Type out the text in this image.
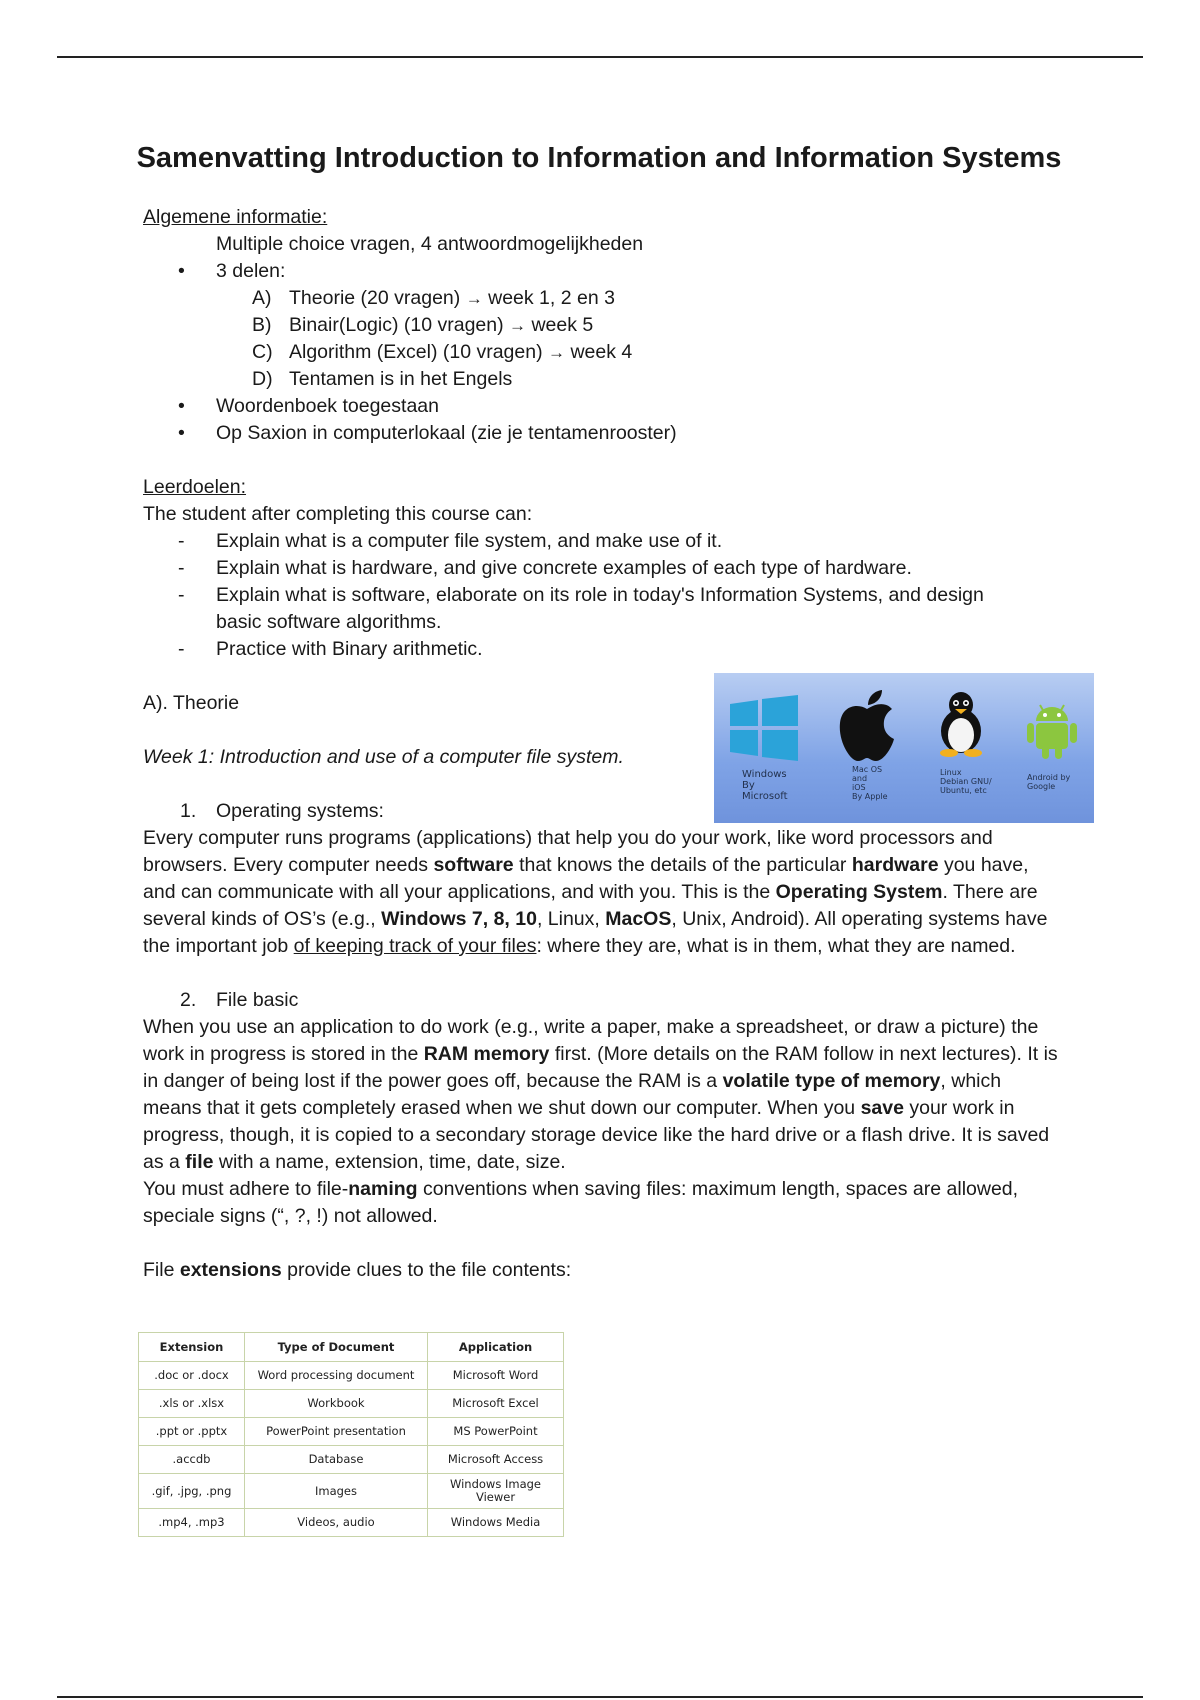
Samenvatting Introduction to Information and Information Systems
Algemene informatie:
Multiple choice vragen, 4 antwoordmogelijkheden
• 3 delen:
A) Theorie (20 vragen) → week 1, 2 en 3
B) Binair(Logic) (10 vragen) → week 5
C) Algorithm (Excel) (10 vragen) → week 4
D) Tentamen is in het Engels
• Woordenboek toegestaan
• Op Saxion in computerlokaal (zie je tentamenrooster)
Leerdoelen:
The student after completing this course can:
- Explain what is a computer file system, and make use of it.
- Explain what is hardware, and give concrete examples of each type of hardware.
- Explain what is software, elaborate on its role in today's Information Systems, and design
basic software algorithms.
- Practice with Binary arithmetic.
A). Theorie
Week 1: Introduction and use of a computer file system.
1. Operating systems:

Every computer runs programs (applications) that help you do your work, like word processors and browsers. Every computer needs software that knows the details of the particular hardware you have, and can communicate with all your applications, and with you. This is the Operating System. There are several kinds of OS’s (e.g., Windows 7, 8, 10, Linux, MacOS, Unix, Android). All operating systems have the important job of keeping track of your files: where they are, what is in them, what they are named.

2. File basic

When you use an application to do work (e.g., write a paper, make a spreadsheet, or draw a picture) the work in progress is stored in the RAM memory first. (More details on the RAM follow in next lectures). It is in danger of being lost if the power goes off, because the RAM is a volatile type of memory, which means that it gets completely erased when we shut down our computer. When you save your work in progress, though, it is copied to a secondary storage device like the hard drive or a flash drive. It is saved as a file with a name, extension, time, date, size.

You must adhere to file-naming conventions when saving files: maximum length, spaces are allowed, speciale signs (“, ?, !) not allowed.

File extensions provide clues to the file contents:
Windows
By
Microsoft
Mac OS
and
iOS
By Apple
Linux
Debian GNU/
Ubuntu, etc
Android by
Google
Extension	Type of Document	Application
.doc or .docx	Word processing document	Microsoft Word
.xls or .xlsx	Workbook	Microsoft Excel
.ppt or .pptx	PowerPoint presentation	MS PowerPoint
.accdb	Database	Microsoft Access
.gif, .jpg, .png	Images	Windows Image Viewer
.mp4, .mp3	Videos, audio	Windows Media
